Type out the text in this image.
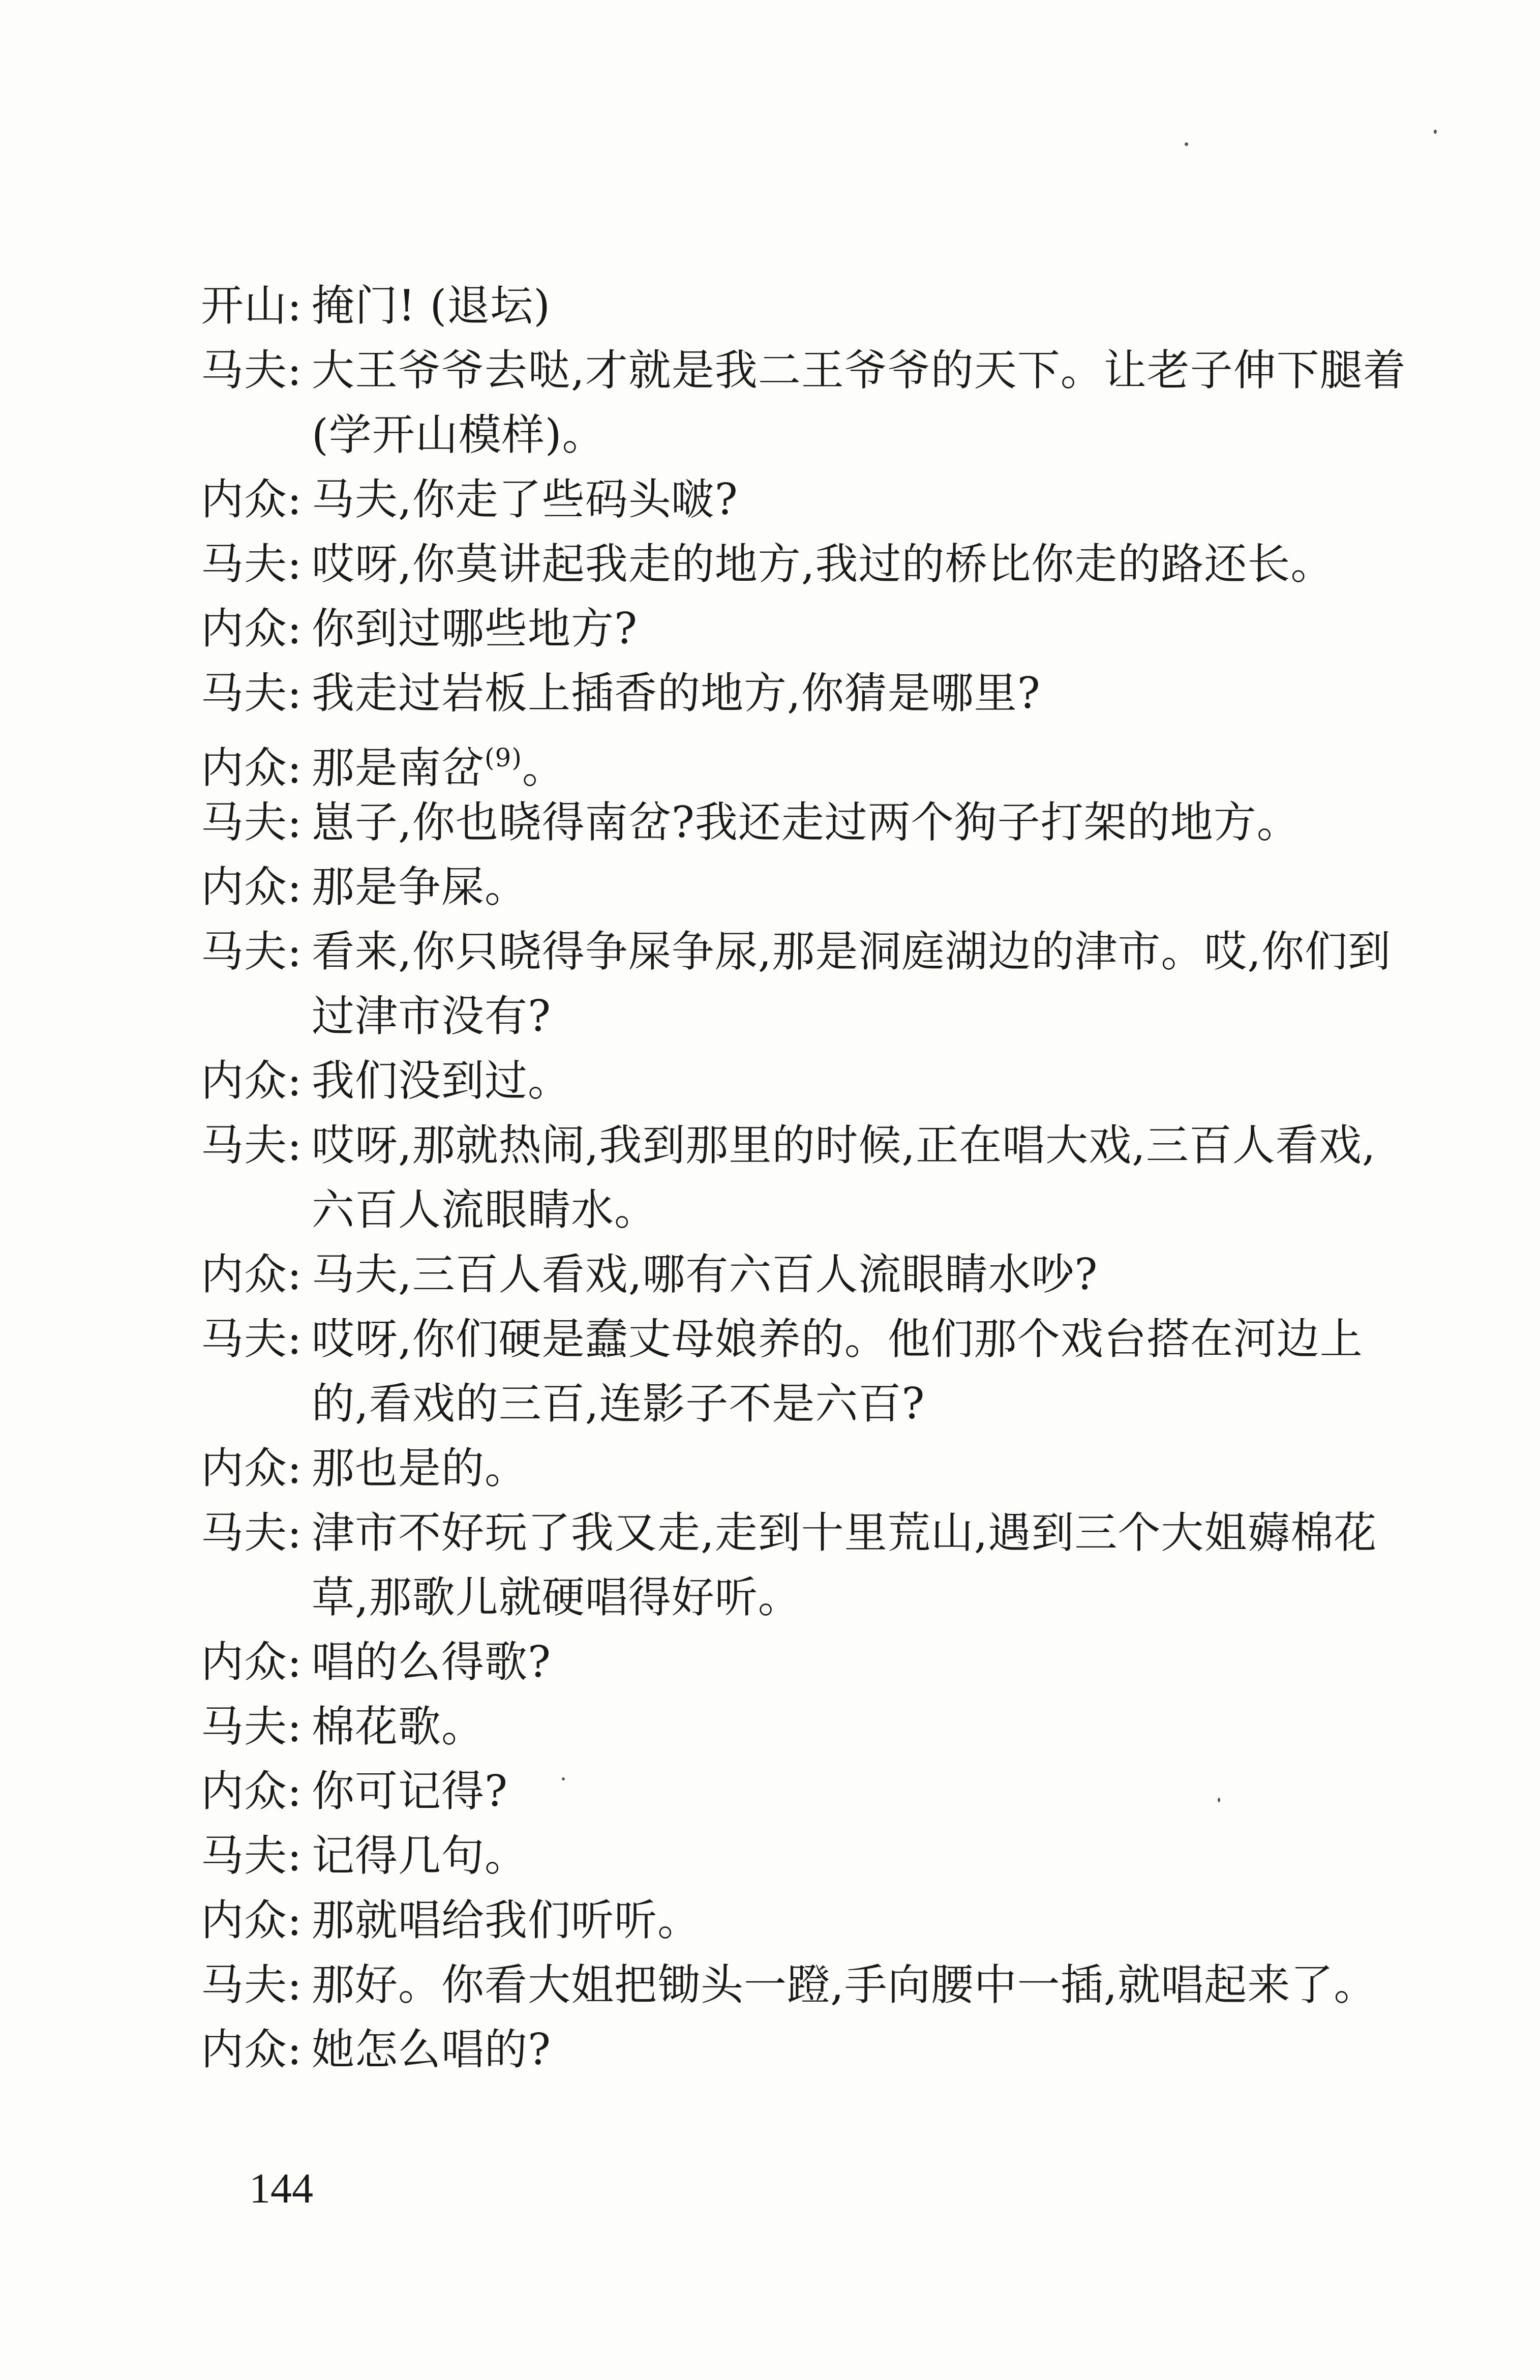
开山: 掩门! (退坛)
马夫: 大王爷爷去哒,才就是我二王爷爷的天下。让老子伸下腿着
(学开山模样)。
内众: 马夫,你走了些码头啵?
马夫: 哎呀,你莫讲起我走的地方,我过的桥比你走的路还长。
内众: 你到过哪些地方?
马夫: 我走过岩板上插香的地方,你猜是哪里?
内众: 那是南岔$^{(9)}$。
马夫: 崽子,你也晓得南岔?我还走过两个狗子打架的地方。
内众: 那是争屎。
马夫: 看来,你只晓得争屎争尿,那是洞庭湖边的津市。哎,你们到
过津市没有?
内众: 我们没到过。
马夫: 哎呀,那就热闹,我到那里的时候,正在唱大戏,三百人看戏,
六百人流眼睛水。
内众: 马夫,三百人看戏,哪有六百人流眼睛水吵?
马夫: 哎呀,你们硬是蠢丈母娘养的。他们那个戏台搭在河边上
的,看戏的三百,连影子不是六百?
内众: 那也是的。
马夫: 津市不好玩了我又走,走到十里荒山,遇到三个大姐薅棉花
草,那歌儿就硬唱得好听。
内众: 唱的么得歌?
马夫: 棉花歌。
内众: 你可记得?
马夫: 记得几句。
内众: 那就唱给我们听听。
马夫: 那好。你看大姐把锄头一蹬,手向腰中一插,就唱起来了。
内众: 她怎么唱的?
144
